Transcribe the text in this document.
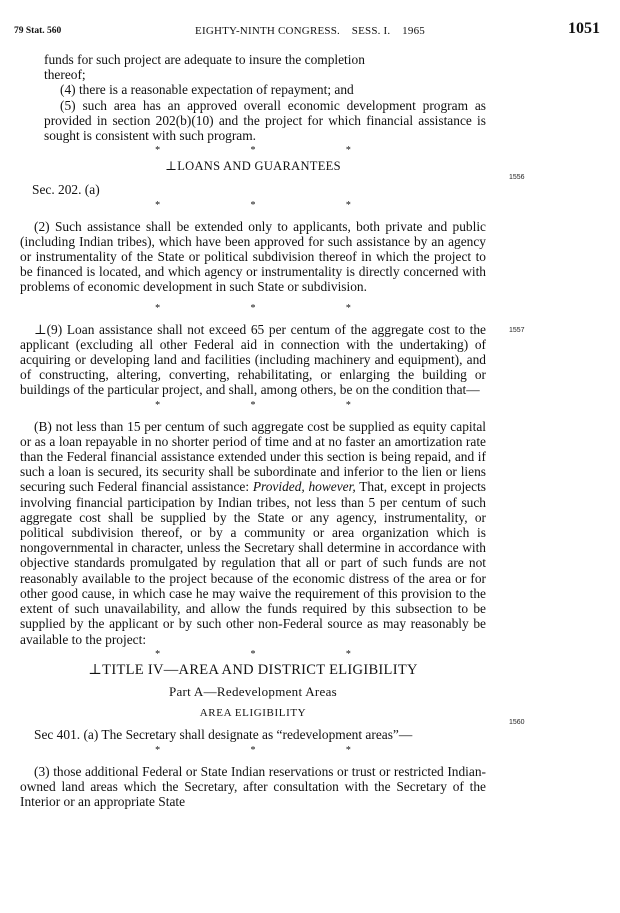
79 Stat. 560	EIGHTY-NINTH CONGRESS.    SESS. I.    1965	1051

funds for such project are adequate to insure the completion

thereof;

(4) there is a reasonable expectation of repayment; and

(5) such area has an approved overall economic development program as provided in section 202(b)(10) and the project for which financial assistance is sought is consistent with such program.

*	*	*

⊥LOANS AND GUARANTEES

Sec. 202. (a)

*	*	*

(2) Such assistance shall be extended only to applicants, both private and public (including Indian tribes), which have been approved for such assistance by an agency or instrumentality of the State or political subdivision thereof in which the project to be financed is located, and which agency or instrumentality is directly concerned with problems of economic development in such State or subdivision.

*	*	*

⊥(9) Loan assistance shall not exceed 65 per centum of the aggregate cost to the applicant (excluding all other Federal aid in connection with the undertaking) of acquiring or developing land and facilities (including machinery and equipment), and of constructing, altering, converting, rehabilitating, or enlarging the building or buildings of the particular project, and shall, among others, be on the condition that—

*	*	*

(B) not less than 15 per centum of such aggregate cost be supplied as equity capital or as a loan repayable in no shorter period of time and at no faster an amortization rate than the Federal financial assistance extended under this section is being repaid, and if such a loan is secured, its security shall be subordinate and inferior to the lien or liens securing such Federal financial assistance: Provided, however, That, except in projects involving financial participation by Indian tribes, not less than 5 per centum of such aggregate cost shall be supplied by the State or any agency, instrumentality, or political subdivision thereof, or by a community or area organization which is nongovernmental in character, unless the Secretary shall determine in accordance with objective standards promulgated by regulation that all or part of such funds are not reasonably available to the project because of the economic distress of the area or for other good cause, in which case he may waive the requirement of this provision to the extent of such unavailability, and allow the funds required by this subsection to be supplied by the applicant or by such other non-Federal source as may reasonably be available to the project:

*	*	*

⊥TITLE IV—AREA AND DISTRICT ELIGIBILITY

Part A—Redevelopment Areas

AREA ELIGIBILITY

Sec 401. (a) The Secretary shall designate as “redevelopment areas”—

*	*	*

(3) those additional Federal or State Indian reservations or trust or restricted Indian-owned land areas which the Secretary, after consultation with the Secretary of the Interior or an appropriate State

1556
1557
1560
